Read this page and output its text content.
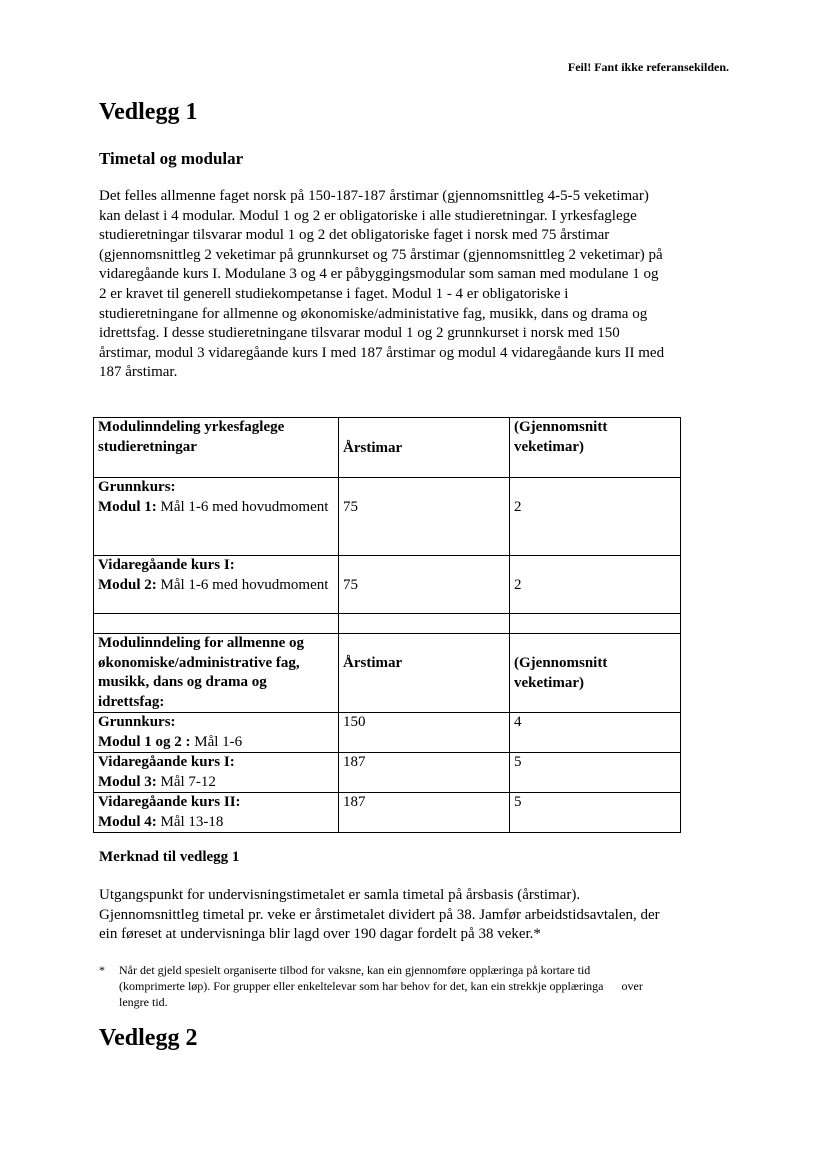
Feil! Fant ikke referansekilden.
Vedlegg 1
Timetal og modular

Det felles allmenne faget norsk på 150-187-187 årstimar (gjennomsnittleg 4-5-5 veketimar)
kan delast i 4 modular. Modul 1 og 2 er obligatoriske i alle studieretningar. I yrkesfaglege
studieretningar tilsvarar modul 1 og 2 det obligatoriske faget i norsk med 75 årstimar
(gjennomsnittleg 2 veketimar på grunnkurset og 75 årstimar (gjennomsnittleg 2 veketimar) på
vidaregåande kurs I. Modulane 3 og 4 er påbyggingsmodular som saman med modulane 1 og
2 er kravet til generell studiekompetanse i faget. Modul 1 - 4 er obligatoriske i
studieretningane for allmenne og økonomiske/administative fag, musikk, dans og drama og
idrettsfag. I desse studieretningane tilsvarar modul 1 og 2 grunnkurset i norsk med 150
årstimar, modul 3 vidaregåande kurs I med 187 årstimar og modul 4 vidaregåande kurs II med
187 årstimar.

Modulinndeling yrkesfaglege studieretningar	Årstimar	(Gjennomsnitt veketimar)
Grunnkurs:
Modul 1: Mål 1-6 med hovudmoment	75	2
Vidaregåande kurs I:
Modul 2: Mål 1-6 med hovudmoment	75	2

Modulinndeling for allmenne og økonomiske/administrative fag, musikk, dans og drama og idrettsfag:	Årstimar	(Gjennomsnitt veketimar)
Grunnkurs:
Modul 1 og 2 : Mål 1-6	150	4
Vidaregåande kurs I:
Modul 3: Mål 7-12	187	5
Vidaregåande kurs II:
Modul 4: Mål 13-18	187	5
Merknad til vedlegg 1

Utgangspunkt for undervisningstimetalet er samla timetal på årsbasis (årstimar).
Gjennomsnittleg timetal pr. veke er årstimetalet dividert på 38. Jamfør arbeidstidsavtalen, der
ein føreset at undervisninga blir lagd over 190 dagar fordelt på 38 veker.*

* Når det gjeld spesielt organiserte tilbod for vaksne, kan ein gjennomføre opplæringa på kortare tid
(komprimerte løp). For grupper eller enkeltelevar som har behov for det, kan ein strekkje opplæringa      over
lengre tid.
Vedlegg 2
